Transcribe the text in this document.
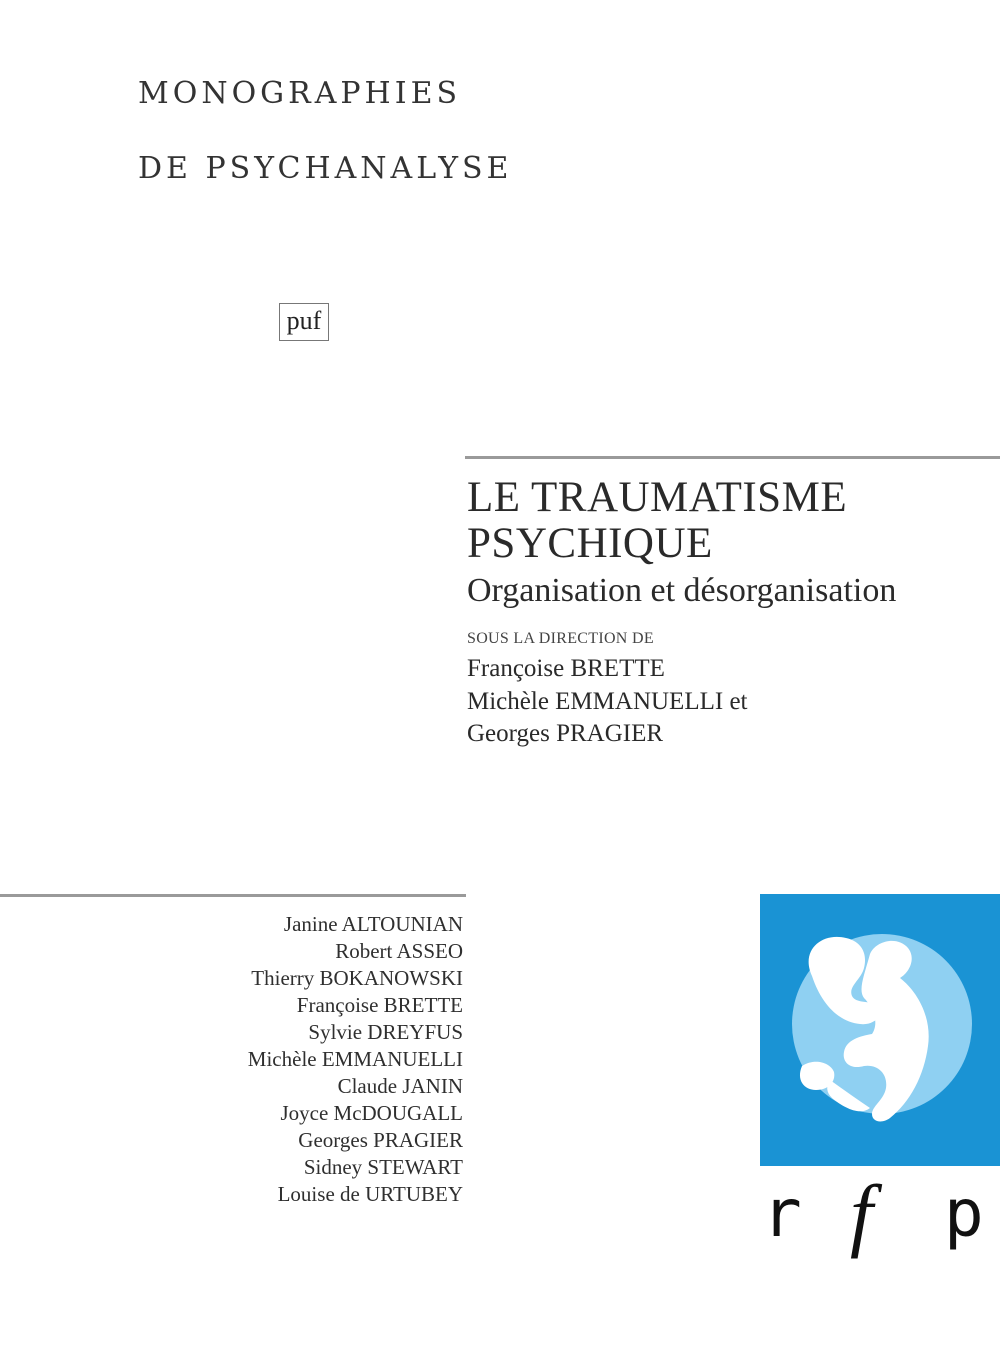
MONOGRAPHIES
DE PSYCHANALYSE
puf
LE TRAUMATISME
PSYCHIQUE
Organisation et désorganisation
SOUS LA DIRECTION DE
Françoise BRETTE
Michèle EMMANUELLI et
Georges PRAGIER
Janine ALTOUNIAN
Robert ASSEO
Thierry BOKANOWSKI
Françoise BRETTE
Sylvie DREYFUS
Michèle EMMANUELLI
Claude JANIN
Joyce McDOUGALL
Georges PRAGIER
Sidney STEWART
Louise de URTUBEY	r f p
